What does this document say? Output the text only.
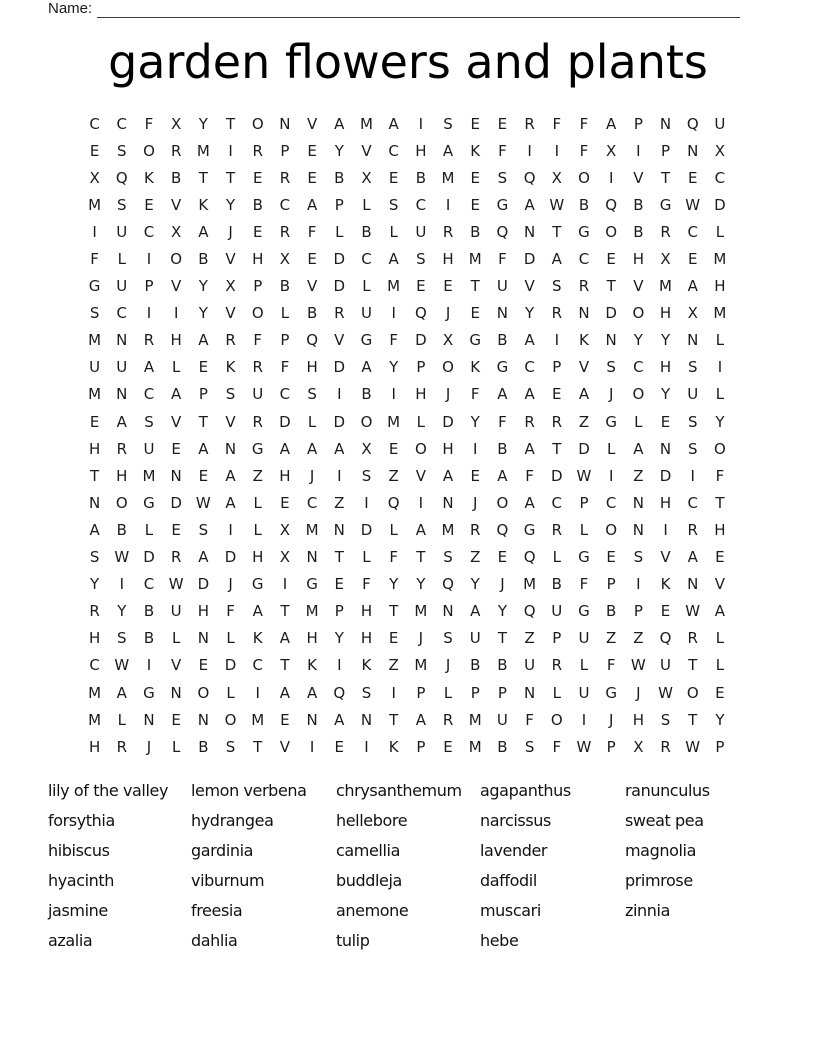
Name:
garden flowers and plants
C	C	F	X	Y	T	O	N	V	A	M	A	I	S	E	E	R	F	F	A	P	N	Q	U
E	S	O	R	M	I	R	P	E	Y	V	C	H	A	K	F	I	I	F	X	I	P	N	X
X	Q	K	B	T	T	E	R	E	B	X	E	B	M	E	S	Q	X	O	I	V	T	E	C
M	S	E	V	K	Y	B	C	A	P	L	S	C	I	E	G	A W B	Q	B	G W D
I	U	C	X	A	J	E	R	F	L	B	L	U	R	B	Q	N	T	G	O	B	R	C	L
F	L	I	O	B	V	H	X	E	D	C	A	S	H	M	F	D	A	C	E	H	X	E	M
G	U	P	V	Y	X	P	B	V	D	L	M	E	E	T	U	V	S	R	T	V	M	A	H
S	C	I	I	Y	V	O	L	B	R	U	I	Q	J	E	N	Y	R	N	D	O	H	X	M
M	N	R	H	A	R	F	P	Q	V	G	F	D	X	G	B	A	I	K	N	Y	Y	N	L
U	U	A	L	E	K	R	F	H	D	A	Y	P	O	K	G	C	P	V	S	C	H	S	I
M	N	C	A	P	S	U	C	S	I	B	I	H	J	F	A	A	E	A	J	O	Y	U	L
E	A	S	V	T	V	R	D	L	D	O M	L	D	Y	F	R	R	Z	G	L	E	S	Y
H	R	U	E	A	N	G	A	A	A	X	E	O	H	I	B	A	T	D	L	A	N	S	O
T	H	M	N	E	A	Z	H	J	I	S	Z	V	A	E	A	F	D W	I	Z	D	I	F
N	O	G	D W A	L	E	C	Z	I	Q	I	N	J	O	A	C	P	C	N	H	C	T
A	B	L	E	S	I	L	X	M	N	D	L	A	M	R	Q	G	R	L	O	N	I	R	H
S	W D	R	A	D	H	X	N	T	L	F	T	S	Z	E	Q	L	G	E	S	V	A	E
Y	I	C W D	J	G	I	G	E	F	Y	Y	Q	Y	J	M	B	F	P	I	K	N	V
R	Y	B	U	H	F	A	T	M	P	H	T	M	N	A	Y	Q	U	G	B	P	E	W A
H	S	B	L	N	L	K	A	H	Y	H	E	J	S	U	T	Z	P	U	Z	Z	Q	R	L
C W	I	V	E	D	C	T	K	I	K	Z	M	J	B	B	U	R	L	F	W U	T	L
M	A	G	N	O	L	I	A	A	Q	S	I	P	L	P	P	N	L	U	G	J	W O	E
M	L	N	E	N	O M	E	N	A	N	T	A	R	M	U	F	O	I	J	H	S	T	Y
H	R	J	L	B	S	T	V	I	E	I	K	P	E	M	B	S	F	W	P	X	R W	P
lily of the valley
forsythia
hibiscus
hyacinth
jasmine
azalia
lemon verbena
hydrangea
gardinia
viburnum
freesia
dahlia
chrysanthemum
hellebore
camellia
buddleja
anemone
tulip
agapanthus
narcissus
lavender
daffodil
muscari
hebe
ranunculus
sweat pea
magnolia
primrose
zinnia
